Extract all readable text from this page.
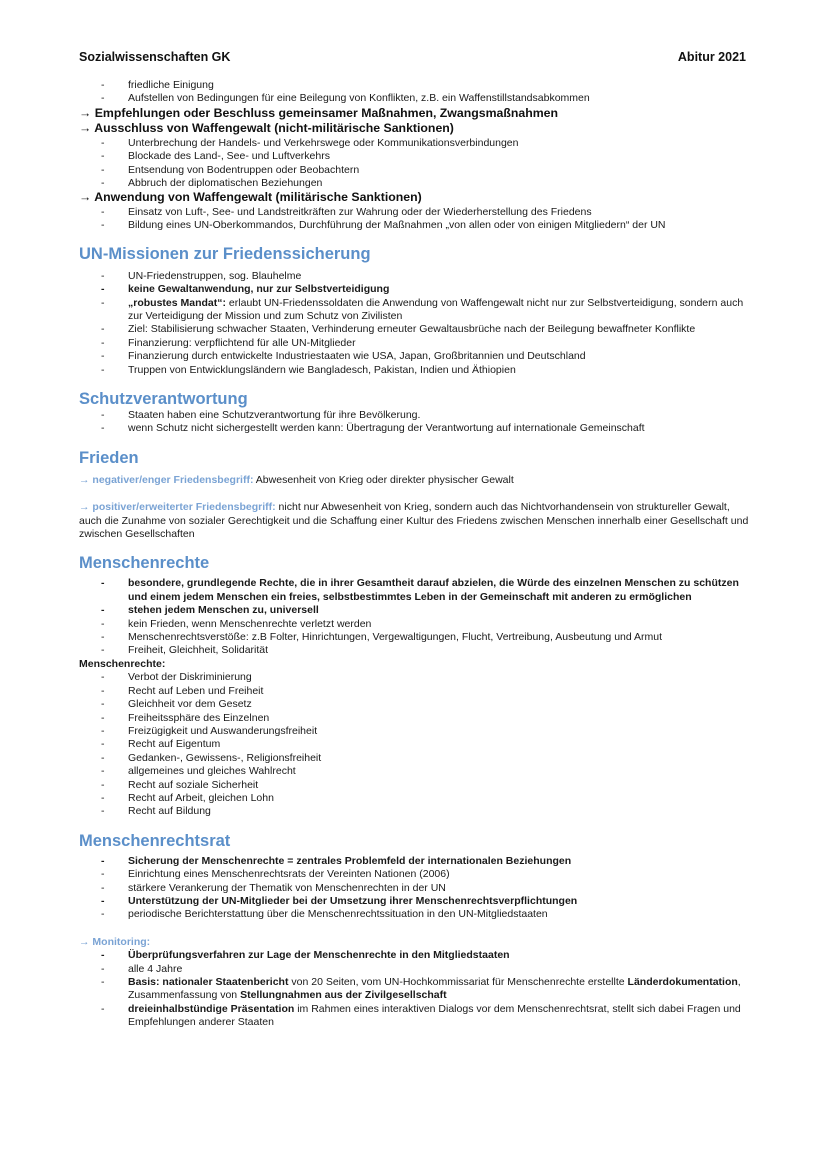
Sozialwissenschaften GK	Abitur 2021
- friedliche Einigung
- Aufstellen von Bedingungen für eine Beilegung von Konflikten, z.B. ein Waffenstillstandsabkommen
→ Empfehlungen oder Beschluss gemeinsamer Maßnahmen, Zwangsmaßnahmen
→ Ausschluss von Waffengewalt (nicht-militärische Sanktionen)
- Unterbrechung der Handels- und Verkehrswege oder Kommunikationsverbindungen
- Blockade des Land-, See- und Luftverkehrs
- Entsendung von Bodentruppen oder Beobachtern
- Abbruch der diplomatischen Beziehungen
→ Anwendung von Waffengewalt (militärische Sanktionen)
- Einsatz von Luft-, See- und Landstreitkräften zur Wahrung oder der Wiederherstellung des Friedens
- Bildung eines UN-Oberkommandos, Durchführung der Maßnahmen „von allen oder von einigen Mitgliedern“ der UN
UN-Missionen zur Friedenssicherung
- UN-Friedenstruppen, sog. Blauhelme
- keine Gewaltanwendung, nur zur Selbstverteidigung
- „robustes Mandat“: erlaubt UN-Friedenssoldaten die Anwendung von Waffengewalt nicht nur zur Selbstverteidigung, sondern auch zur Verteidigung der Mission und zum Schutz von Zivilisten
- Ziel: Stabilisierung schwacher Staaten, Verhinderung erneuter Gewaltausbrüche nach der Beilegung bewaffneter Konflikte
- Finanzierung: verpflichtend für alle UN-Mitglieder
- Finanzierung durch entwickelte Industriestaaten wie USA, Japan, Großbritannien und Deutschland
- Truppen von Entwicklungsländern wie Bangladesch, Pakistan, Indien und Äthiopien
Schutzverantwortung
- Staaten haben eine Schutzverantwortung für ihre Bevölkerung.
- wenn Schutz nicht sichergestellt werden kann: Übertragung der Verantwortung auf internationale Gemeinschaft
Frieden
→ negativer/enger Friedensbegriff: Abwesenheit von Krieg oder direkter physischer Gewalt
→ positiver/erweiterter Friedensbegriff: nicht nur Abwesenheit von Krieg, sondern auch das Nichtvorhandensein von struktureller Gewalt, auch die Zunahme von sozialer Gerechtigkeit und die Schaffung einer Kultur des Friedens zwischen Menschen innerhalb einer Gesellschaft und zwischen Gesellschaften
Menschenrechte
- besondere, grundlegende Rechte, die in ihrer Gesamtheit darauf abzielen, die Würde des einzelnen Menschen zu schützen und einem jedem Menschen ein freies, selbstbestimmtes Leben in der Gemeinschaft mit anderen zu ermöglichen
- stehen jedem Menschen zu, universell
- kein Frieden, wenn Menschenrechte verletzt werden
- Menschenrechtsverstöße: z.B Folter, Hinrichtungen, Vergewaltigungen, Flucht, Vertreibung, Ausbeutung und Armut
- Freiheit, Gleichheit, Solidarität
Menschenrechte:
- Verbot der Diskriminierung
- Recht auf Leben und Freiheit
- Gleichheit vor dem Gesetz
- Freiheitssphäre des Einzelnen
- Freizügigkeit und Auswanderungsfreiheit
- Recht auf Eigentum
- Gedanken-, Gewissens-, Religionsfreiheit
- allgemeines und gleiches Wahlrecht
- Recht auf soziale Sicherheit
- Recht auf Arbeit, gleichen Lohn
- Recht auf Bildung
Menschenrechtsrat
- Sicherung der Menschenrechte = zentrales Problemfeld der internationalen Beziehungen
- Einrichtung eines Menschenrechtsrats der Vereinten Nationen (2006)
- stärkere Verankerung der Thematik von Menschenrechten in der UN
- Unterstützung der UN-Mitglieder bei der Umsetzung ihrer Menschenrechtsverpflichtungen
- periodische Berichterstattung über die Menschenrechtssituation in den UN-Mitgliedstaaten
→ Monitoring:
- Überprüfungsverfahren zur Lage der Menschenrechte in den Mitgliedstaaten
- alle 4 Jahre
- Basis: nationaler Staatenbericht von 20 Seiten, vom UN-Hochkommissariat für Menschenrechte erstellte Länderdokumentation, Zusammenfassung von Stellungnahmen aus der Zivilgesellschaft
- dreieinhalbstündige Präsentation im Rahmen eines interaktiven Dialogs vor dem Menschenrechtsrat, stellt sich dabei Fragen und Empfehlungen anderer Staaten
